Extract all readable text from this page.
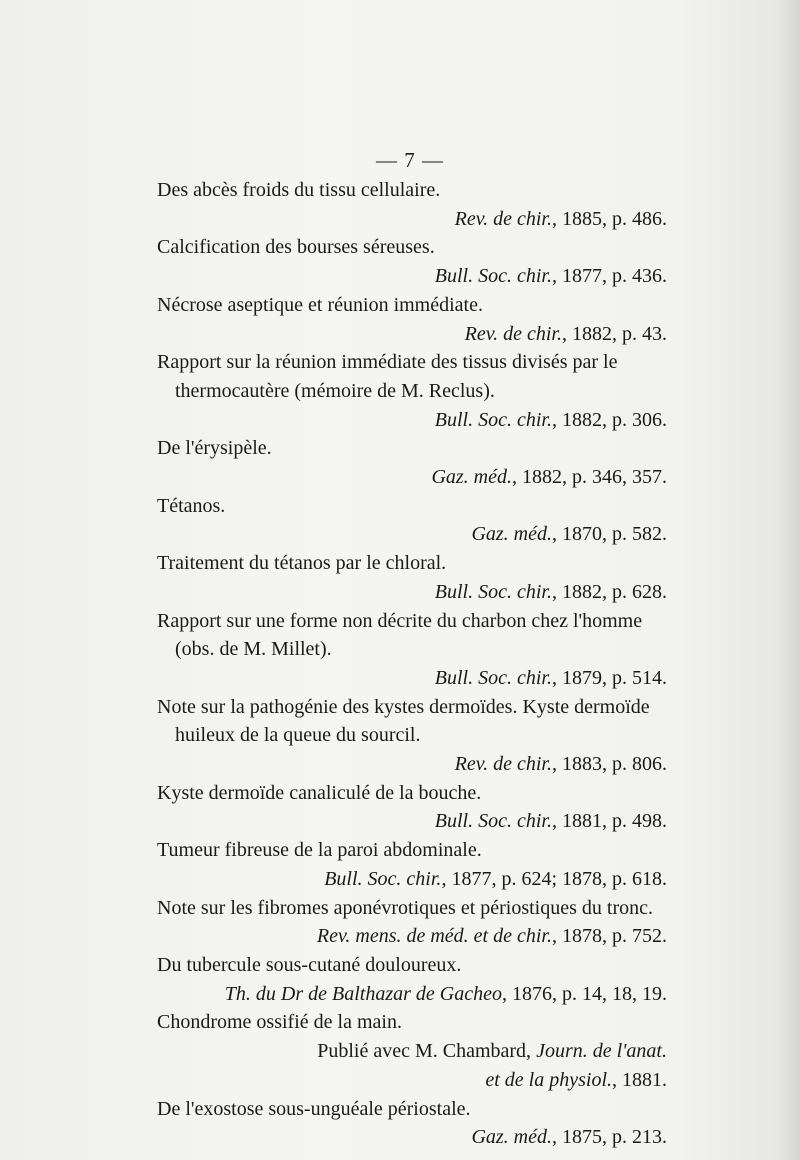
— 7 —

Des abcès froids du tissu cellulaire.

Rev. de chir., 1885, p. 486.

Calcification des bourses séreuses.

Bull. Soc. chir., 1877, p. 436.

Nécrose aseptique et réunion immédiate.

Rev. de chir., 1882, p. 43.

Rapport sur la réunion immédiate des tissus divisés par le

thermocautère (mémoire de M. Reclus).

Bull. Soc. chir., 1882, p. 306.

De l'érysipèle.

Gaz. méd., 1882, p. 346, 357.

Tétanos.

Gaz. méd., 1870, p. 582.

Traitement du tétanos par le chloral.

Bull. Soc. chir., 1882, p. 628.

Rapport sur une forme non décrite du charbon chez l'homme

(obs. de M. Millet).

Bull. Soc. chir., 1879, p. 514.

Note sur la pathogénie des kystes dermoïdes. Kyste dermoïde

huileux de la queue du sourcil.

Rev. de chir., 1883, p. 806.

Kyste dermoïde canaliculé de la bouche.

Bull. Soc. chir., 1881, p. 498.

Tumeur fibreuse de la paroi abdominale.

Bull. Soc. chir., 1877, p. 624; 1878, p. 618.

Note sur les fibromes aponévrotiques et périostiques du tronc.

Rev. mens. de méd. et de chir., 1878, p. 752.

Du tubercule sous-cutané douloureux.

Th. du Dr de Balthazar de Gacheo, 1876, p. 14, 18, 19.

Chondrome ossifié de la main.

Publié avec M. Chambard, Journ. de l'anat.

et de la physiol., 1881.

De l'exostose sous-unguéale périostale.

Gaz. méd., 1875, p. 213.
